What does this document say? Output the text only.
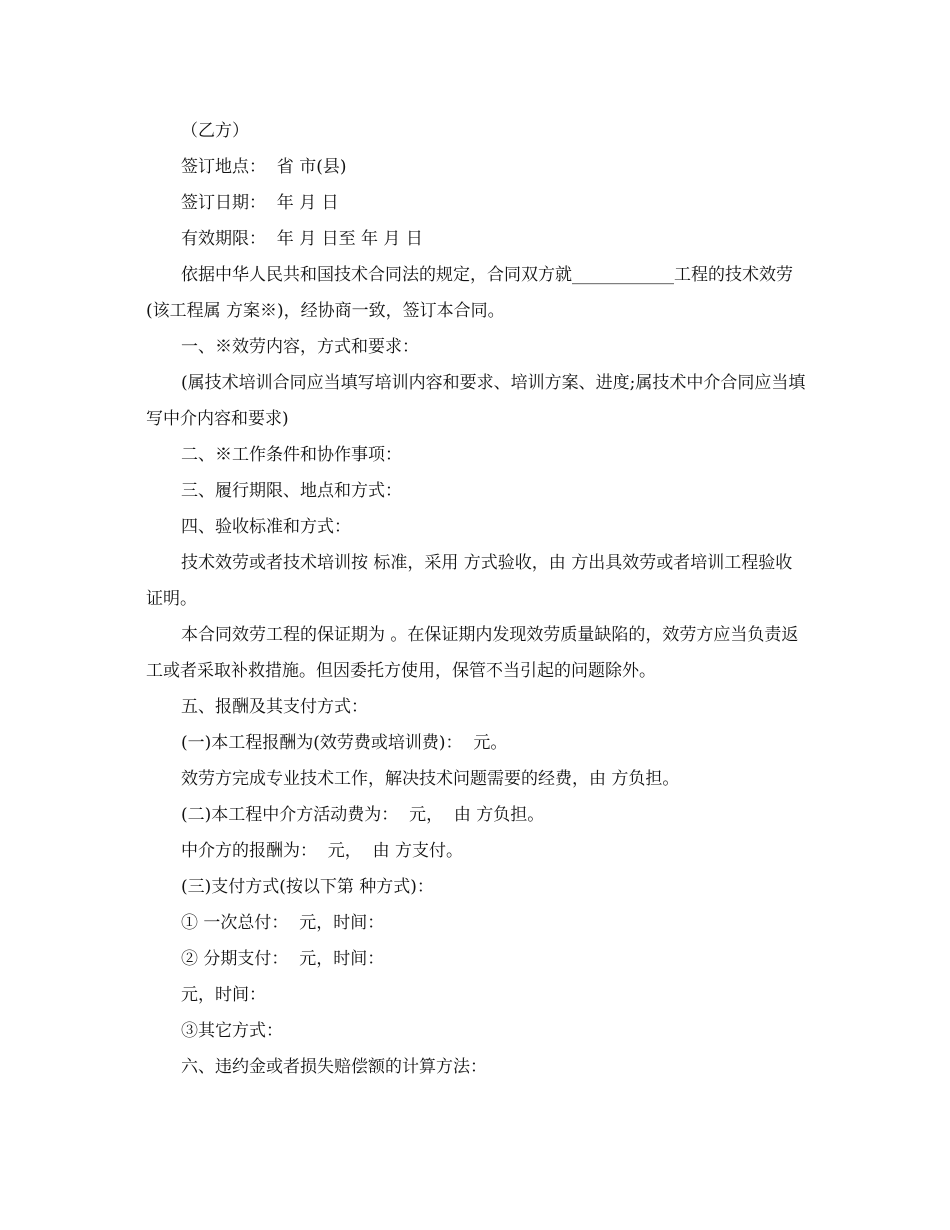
（乙方）

签订地点：  省 市(县)

签订日期：  年 月 日

有效期限：  年 月 日至 年 月 日

依据中华人民共和国技术合同法的规定，合同双方就____________工程的技术效劳(该工程属 方案※)，经协商一致，签订本合同。

一、※效劳内容，方式和要求：

(属技术培训合同应当填写培训内容和要求、培训方案、进度;属技术中介合同应当填写中介内容和要求)

二、※工作条件和协作事项：

三、履行期限、地点和方式：

四、验收标准和方式：

技术效劳或者技术培训按 标准，采用 方式验收，由 方出具效劳或者培训工程验收证明。

本合同效劳工程的保证期为 。在保证期内发现效劳质量缺陷的，效劳方应当负责返工或者采取补救措施。但因委托方使用，保管不当引起的问题除外。

五、报酬及其支付方式：

(一)本工程报酬为(效劳费或培训费)：  元。

效劳方完成专业技术工作，解决技术问题需要的经费，由 方负担。

(二)本工程中介方活动费为：  元，  由 方负担。

中介方的报酬为：  元，  由 方支付。

(三)支付方式(按以下第 种方式)：

① 一次总付：  元，时间：

② 分期支付：  元，时间：

元，时间：

③其它方式：

六、违约金或者损失赔偿额的计算方法：
